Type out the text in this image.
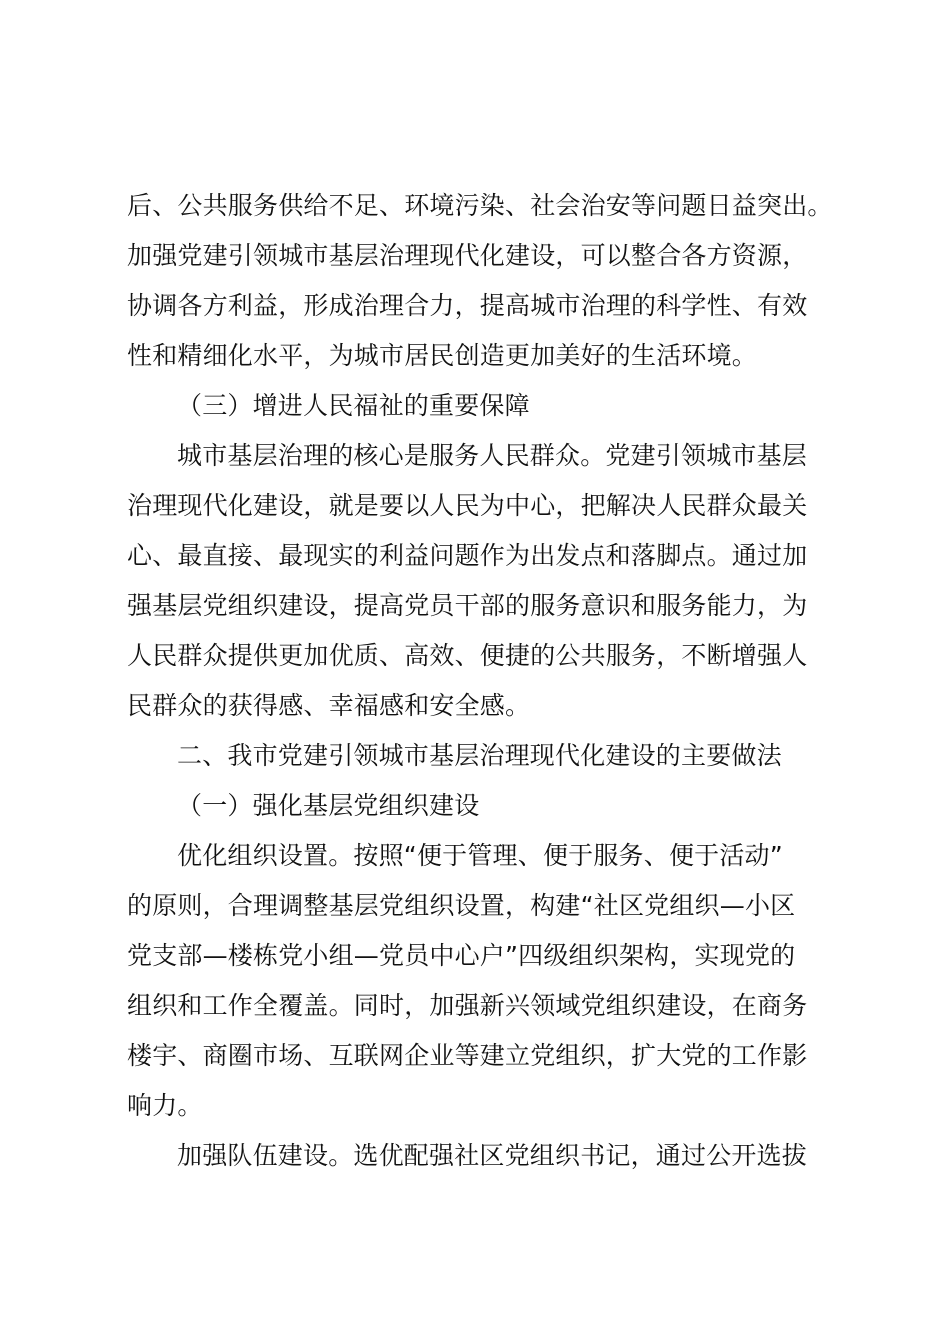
后、公共服务供给不足、环境污染、社会治安等问题日益突出。
加强党建引领城市基层治理现代化建设，可以整合各方资源，
协调各方利益，形成治理合力，提高城市治理的科学性、有效
性和精细化水平，为城市居民创造更加美好的生活环境。
（三）增进人民福祉的重要保障
城市基层治理的核心是服务人民群众。党建引领城市基层
治理现代化建设，就是要以人民为中心，把解决人民群众最关
心、最直接、最现实的利益问题作为出发点和落脚点。通过加
强基层党组织建设，提高党员干部的服务意识和服务能力，为
人民群众提供更加优质、高效、便捷的公共服务，不断增强人
民群众的获得感、幸福感和安全感。
二、我市党建引领城市基层治理现代化建设的主要做法
（一）强化基层党组织建设
优化组织设置。按照“便于管理、便于服务、便于活动”
的原则，合理调整基层党组织设置，构建“社区党组织—小区
党支部—楼栋党小组—党员中心户”四级组织架构，实现党的
组织和工作全覆盖。同时，加强新兴领域党组织建设，在商务
楼宇、商圈市场、互联网企业等建立党组织，扩大党的工作影
响力。
加强队伍建设。选优配强社区党组织书记，通过公开选拔
